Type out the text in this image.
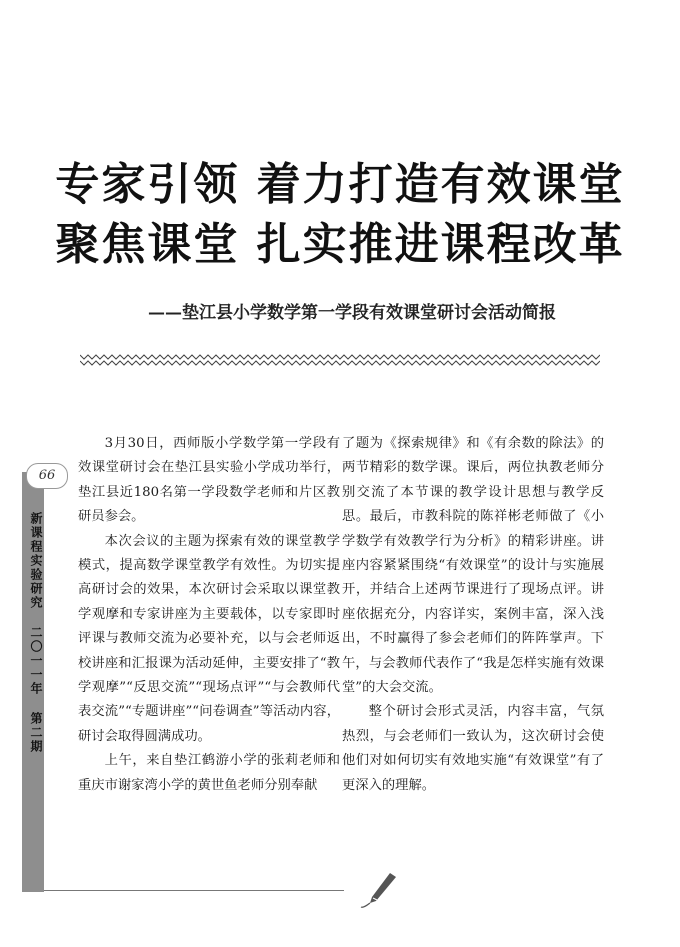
专家引领 着力打造有效课堂
聚焦课堂 扎实推进课程改革
——垫江县小学数学第一学段有效课堂研讨会活动简报
66
新课程实验研究 二〇一一年 第二期

3月30日，西师版小学数学第一学段有效课堂研讨会在垫江县实验小学成功举行，垫江县近180名第一学段数学老师和片区教研员参会。

本次会议的主题为探索有效的课堂教学模式，提高数学课堂教学有效性。为切实提高研讨会的效果，本次研讨会采取以课堂教学观摩和专家讲座为主要载体，以专家即时评课与教师交流为必要补充，以与会老师返校讲座和汇报课为活动延伸，主要安排了“教学观摩”“反思交流”“现场点评”“与会教师代表交流”“专题讲座”“问卷调查”等活动内容，研讨会取得圆满成功。

上午，来自垫江鹤游小学的张莉老师和重庆市谢家湾小学的黄世鱼老师分别奉献

了题为《探索规律》和《有余数的除法》的两节精彩的数学课。课后，两位执教老师分别交流了本节课的教学设计思想与教学反思。最后，市教科院的陈祥彬老师做了《小学数学有效教学行为分析》的精彩讲座。讲座内容紧紧围绕“有效课堂”的设计与实施展开，并结合上述两节课进行了现场点评。讲座依据充分，内容详实，案例丰富，深入浅出，不时赢得了参会老师们的阵阵掌声。下午，与会教师代表作了“我是怎样实施有效课堂”的大会交流。

整个研讨会形式灵活，内容丰富，气氛热烈，与会老师们一致认为，这次研讨会使他们对如何切实有效地实施“有效课堂”有了更深入的理解。
